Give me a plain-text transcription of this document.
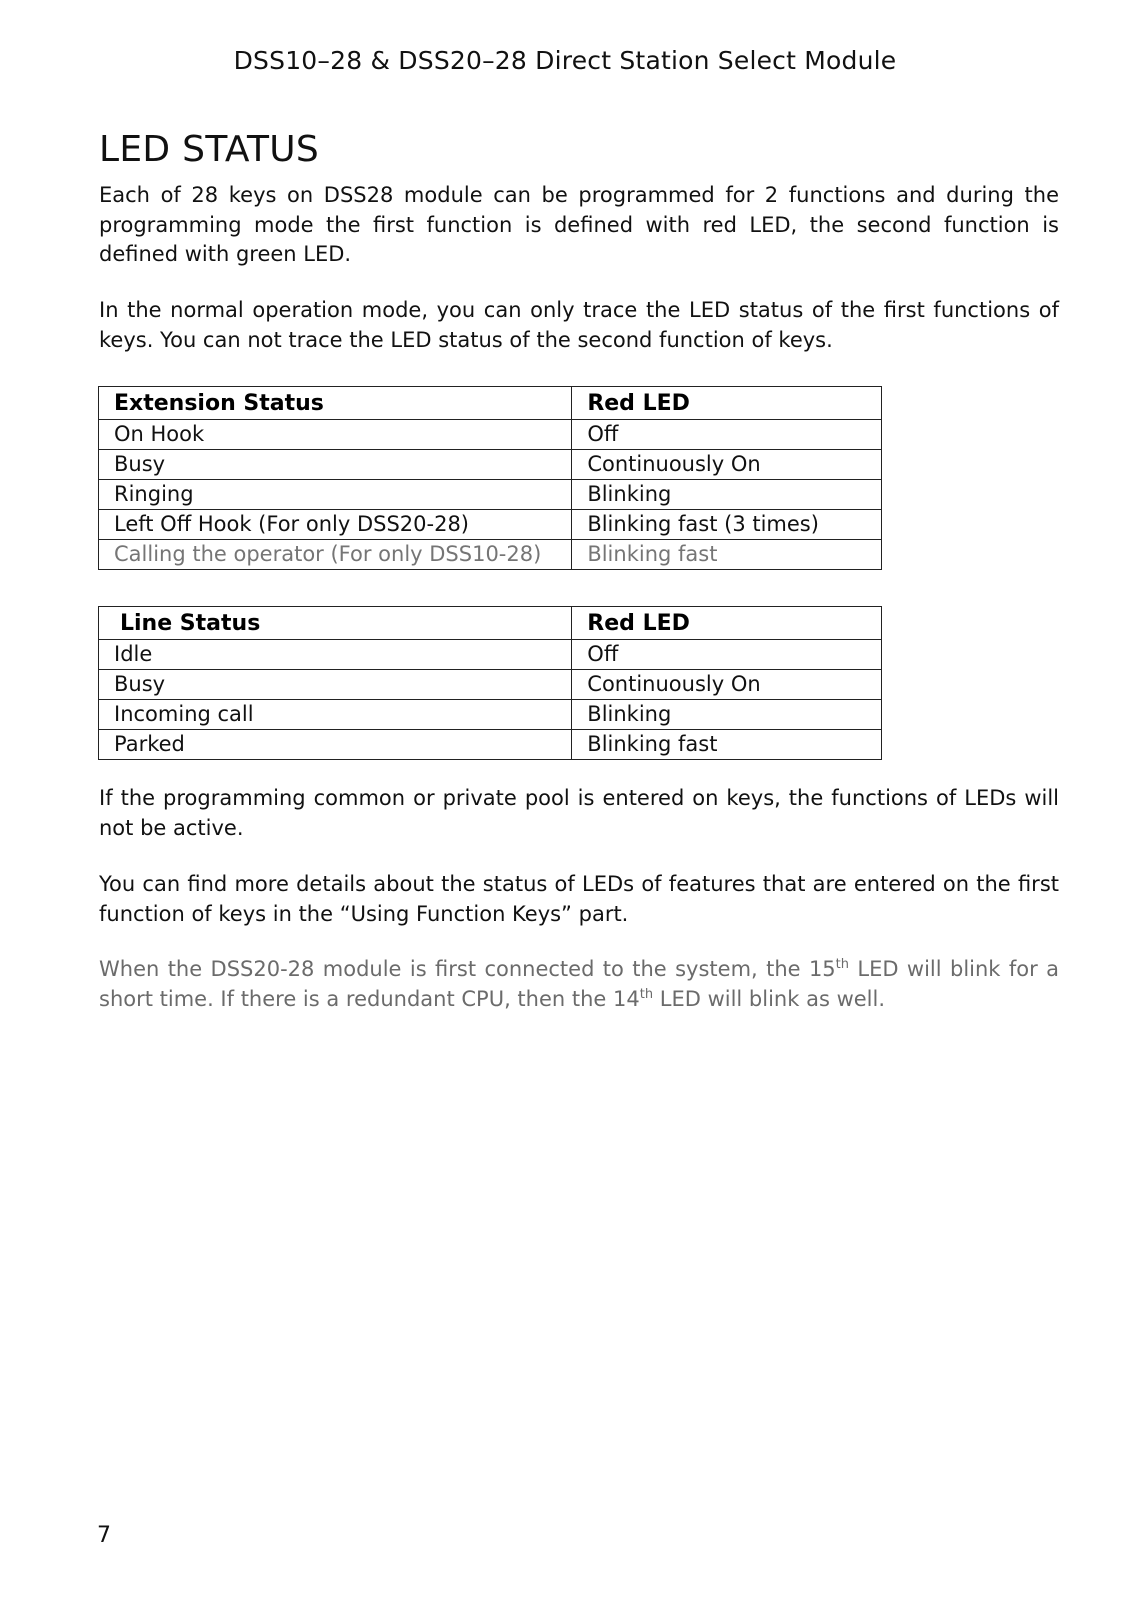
DSS10–28 & DSS20–28 Direct Station Select Module
LED STATUS

Each of 28 keys on DSS28 module can be programmed for 2 functions and during the programming mode the first function is defined with red LED, the second function is defined with green LED.

In the normal operation mode, you can only trace the LED status of the first functions of keys. You can not trace the LED status of the second function of keys.

Extension Status	Red LED
On Hook	Off
Busy	Continuously On
Ringing	Blinking
Left Off Hook (For only DSS20-28)	Blinking fast (3 times)
Calling the operator (For only DSS10-28)	Blinking fast
Line Status	Red LED
Idle	Off
Busy	Continuously On
Incoming call	Blinking
Parked	Blinking fast

If the programming common or private pool is entered on keys, the functions of LEDs will not be active.

You can find more details about the status of LEDs of features that are entered on the first function of keys in the “Using Function Keys” part.

When the DSS20-28 module is first connected to the system, the 15th LED will blink for a short time. If there is a redundant CPU, then the 14th LED will blink as well.

7
